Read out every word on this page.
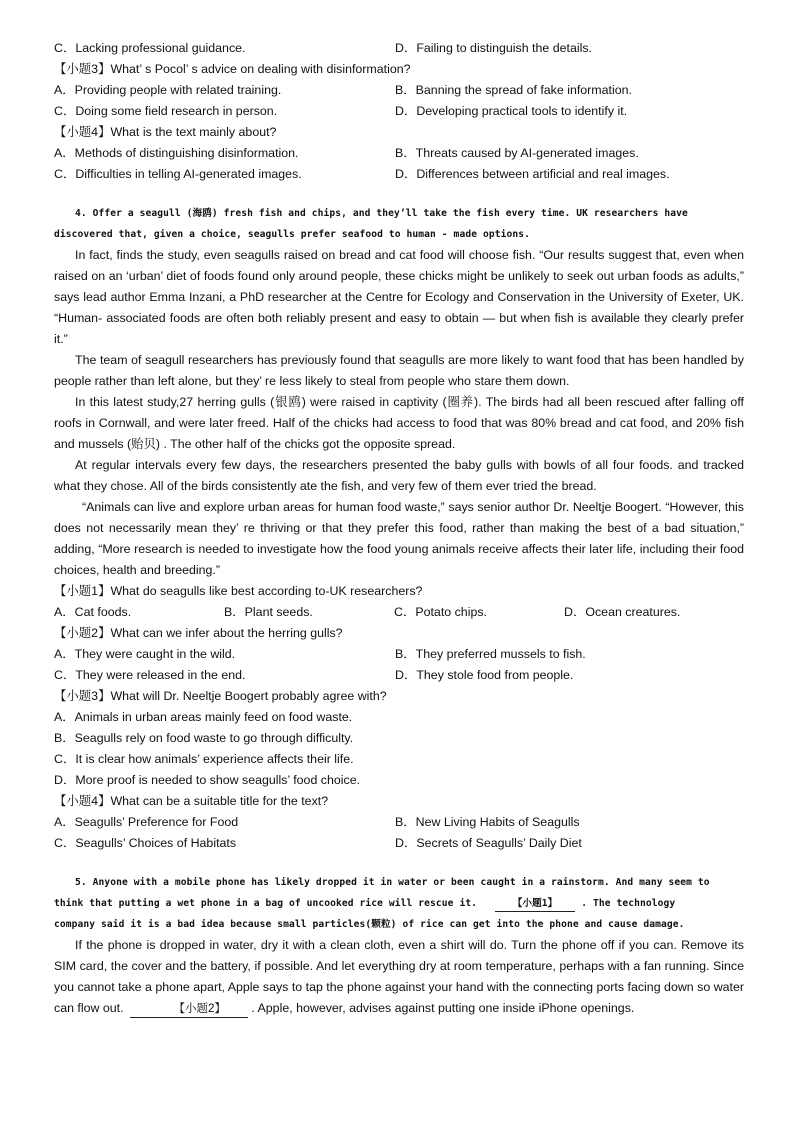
C．Lacking professional guidance.	D．Failing to distinguish the details.
【小题3】What’ s Pocol’ s advice on dealing with disinformation?
A．Providing people with related training.	B．Banning the spread of fake information.
C．Doing some field research in person.	D．Developing practical tools to identify it.
【小题4】What is the text mainly about?
A．Methods of distinguishing disinformation.	B．Threats caused by AI-generated images.
C．Difficulties in telling AI-generated images.	D．Differences between artificial and real images.
4. Offer a seagull (海鸥) fresh fish and chips, and they’ll take the fish every time. UK researchers have
discovered that, given a choice, seagulls prefer seafood to human - made options.
In fact, finds the study, even seagulls raised on bread and cat food will choose fish. “Our results suggest that, even when raised on an ‘urban’ diet of foods found only around people, these chicks might be unlikely to seek out urban foods as adults,” says lead author Emma Inzani, a PhD researcher at the Centre for Ecology and Conservation in the University of Exeter, UK. “Human- associated foods are often both reliably present and easy to obtain — but when fish is available they clearly prefer it.”
The team of seagull researchers has previously found that seagulls are more likely to want food that has been handled by people rather than left alone, but they’ re less likely to steal from people who stare them down.
In this latest study,27 herring gulls (银鸥) were raised in captivity (圈养). The birds had all been rescued after falling off roofs in Cornwall, and were later freed. Half of the chicks had access to food that was 80% bread and cat food, and 20% fish and mussels (贻贝) . The other half of the chicks got the opposite spread.
At regular intervals every few days, the researchers presented the baby gulls with bowls of all four foods. and tracked what they chose. All of the birds consistently ate the fish, and very few of them ever tried the bread.
“Animals can live and explore urban areas for human food waste,” says senior author Dr. Neeltje Boogert. “However, this does not necessarily mean they’ re thriving or that they prefer this food, rather than making the best of a bad situation,” adding, “More research is needed to investigate how the food young animals receive affects their later life, including their food choices, health and breeding.”
【小题1】What do seagulls like best according to-UK researchers?
A．Cat foods.	B．Plant seeds.	C．Potato chips.	D．Ocean creatures.
【小题2】What can we infer about the herring gulls?
A．They were caught in the wild.	B．They preferred mussels to fish.
C．They were released in the end.	D．They stole food from people.
【小题3】What will Dr. Neeltje Boogert probably agree with?
A．Animals in urban areas mainly feed on food waste.
B．Seagulls rely on food waste to go through difficulty.
C．It is clear how animals’ experience affects their life.
D．More proof is needed to show seagulls’ food choice.
【小题4】What can be a suitable title for the text?
A．Seagulls’ Preference for Food	B．New Living Habits of Seagulls
C．Seagulls’ Choices of Habitats	D．Secrets of Seagulls’ Daily Diet
5. Anyone with a mobile phone has likely dropped it in water or been caught in a rainstorm. And many seem to
think that putting a wet phone in a bag of uncooked rice will rescue it.	【小题1】 . The technology
company said it is a bad idea because small particles(颗粒) of rice can get into the phone and cause damage.
If the phone is dropped in water, dry it with a clean cloth, even a shirt will do. Turn the phone off if you can. Remove its SIM card, the cover and the battery, if possible. And let everything dry at room temperature, perhaps with a fan running. Since you cannot take a phone apart, Apple says to tap the phone against your hand with the connecting ports facing down so water can flow out.	【小题2】 . Apple, however, advises against putting one inside iPhone openings.
